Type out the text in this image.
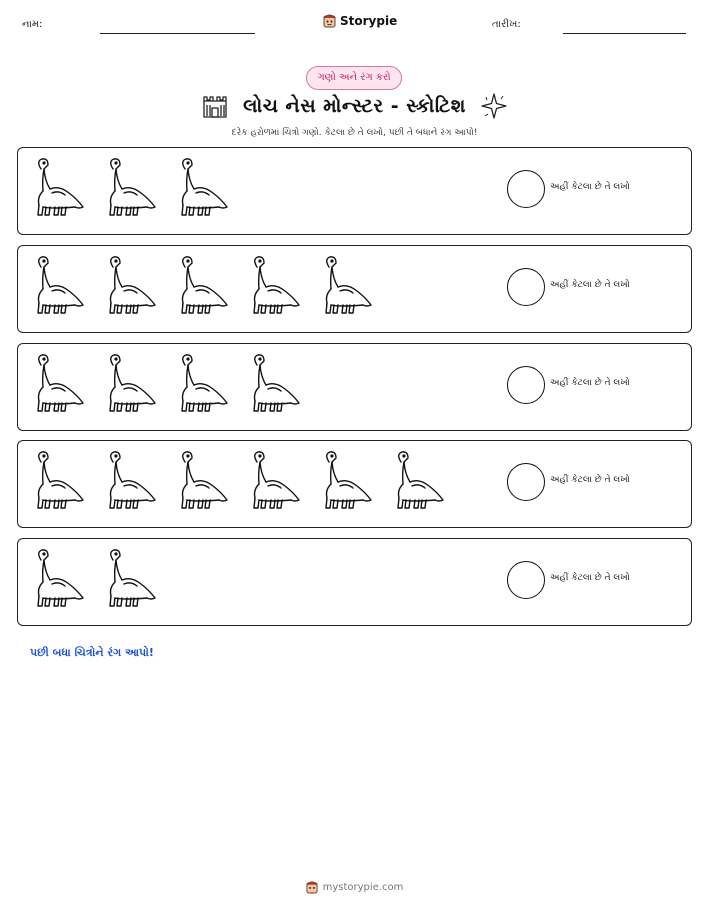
નામ:	Storypie	તારીખ:
ગણો અને રંગ કરો
લોચ નેસ મોન્સ્ટર - સ્કોટિશ
દરેક હરોળમાં ચિત્રો ગણો. કેટલા છે તે લખો, પછી તે બધાને રંગ આપો!
અહીં કેટલા છે તે લખો
અહીં કેટલા છે તે લખો
અહીં કેટલા છે તે લખો
અહીં કેટલા છે તે લખો
અહીં કેટલા છે તે લખો
પછી બધા ચિત્રોને રંગ આપો!
mystorypie.com
